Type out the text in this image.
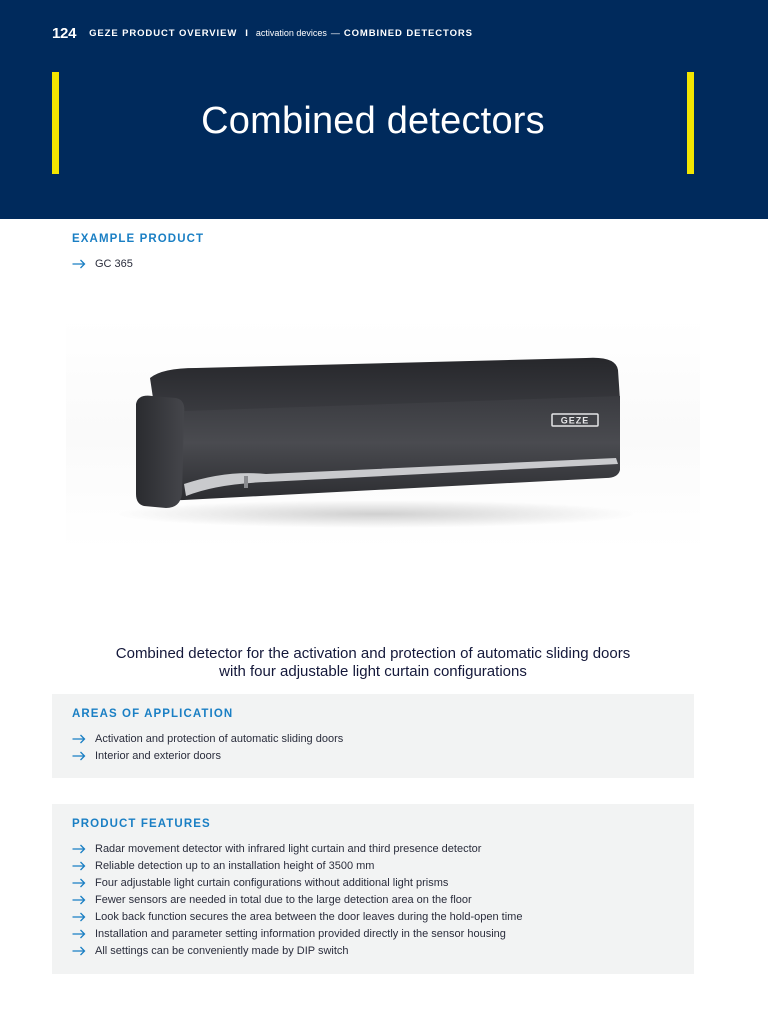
124 GEZE PRODUCT OVERVIEW I activation devices — COMBINED DETECTORS
Combined detectors
EXAMPLE PRODUCT
GC 365
GEZE
Combined detector for the activation and protection of automatic sliding doors
with four adjustable light curtain configurations
AREAS OF APPLICATION
Activation and protection of automatic sliding doors
Interior and exterior doors
PRODUCT FEATURES
Radar movement detector with infrared light curtain and third presence detector
Reliable detection up to an installation height of 3500 mm
Four adjustable light curtain configurations without additional light prisms
Fewer sensors are needed in total due to the large detection area on the floor
Look back function secures the area between the door leaves during the hold-open time
Installation and parameter setting information provided directly in the sensor housing
All settings can be conveniently made by DIP switch
